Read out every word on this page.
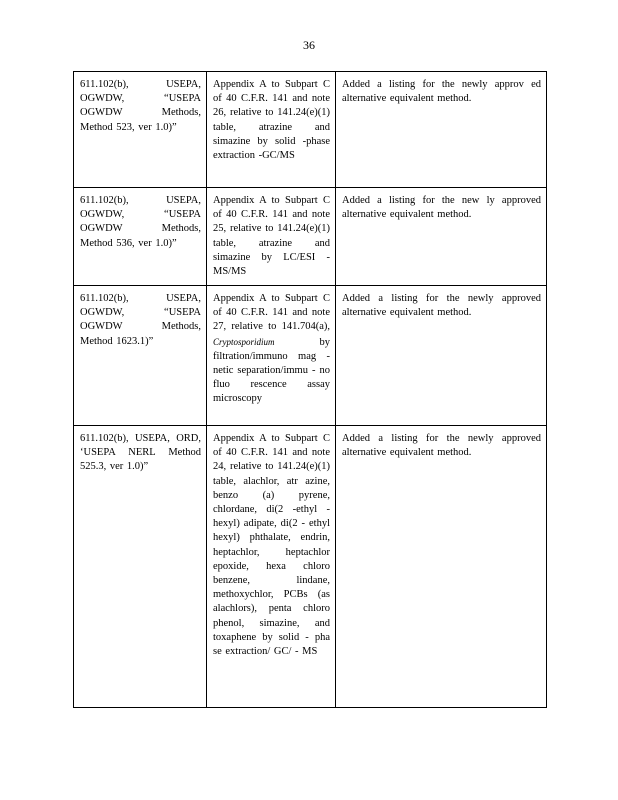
36
611.102(b), USEPA, OGWDW, “USEPA OGWDW Methods, Method 523, ver 1.0)”	Appendix A to Subpart C of 40 C.F.R. 141 and note 26, relative to 141.24(e)(1) table, atrazine and simazine by solid -phase extraction -GC/MS	Added a listing for the newly approv ed alternative equivalent method.

611.102(b), USEPA, OGWDW, “USEPA OGWDW Methods, Method 536, ver 1.0)”	Appendix A to Subpart C of 40 C.F.R. 141 and note 25, relative to 141.24(e)(1) table, atrazine and simazine by LC/ESI -MS/MS	Added a listing for the new ly approved alternative equivalent method.

611.102(b), USEPA, OGWDW, “USEPA OGWDW Methods, Method 1623.1)”	Appendix A to Subpart C of 40 C.F.R. 141 and note 27, relative to 141.704(a), Cryptosporidium by filtration/immuno mag - netic separation/immu - no fluo rescence assay microscopy	Added a listing for the newly approved alternative equivalent method.

611.102(b), USEPA, ORD, ‘USEPA NERL Method 525.3, ver 1.0)”	Appendix A to Subpart C of 40 C.F.R. 141 and note 24, relative to 141.24(e)(1) table, alachlor, atr azine, benzo (a) pyrene, chlordane, di(2 -ethyl - hexyl) adipate, di(2 - ethyl hexyl) phthalate, endrin, heptachlor, heptachlor epoxide, hexa chloro benzene, lindane, methoxychlor, PCBs (as alachlors), penta chloro phenol, simazine, and toxaphene by solid - pha se extraction/ GC/ - MS	Added a listing for the newly approved alternative equivalent method.
